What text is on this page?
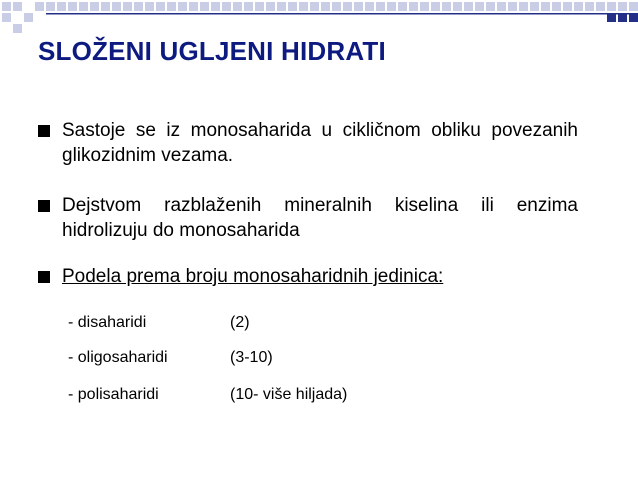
SLOŽENI UGLJENI HIDRATI
Sastoje se iz monosaharida u cikličnom obliku povezanih glikozidnim vezama.
Dejstvom razblaženih mineralnih kiselina ili enzima hidrolizuju do monosaharida
Podela prema broju monosaharidnih jedinica:
- disaharidi	(2)
- oligosaharidi	(3-10)
- polisaharidi	(10- više hiljada)
